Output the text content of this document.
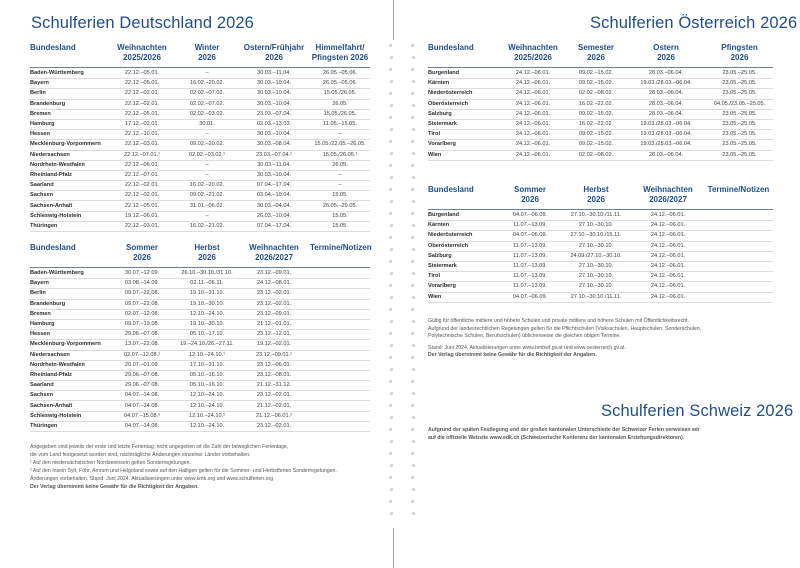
Schulferien Deutschland 2026
Bundesland	Weihnachten
2025/2026
Winter
2026
Ostern/Frühjahr
2026
Himmelfahrt/
Pfingsten 2026
Baden-Württemberg	22.12.–05.01.	–	30.03.–11.04.	26.05.–05.06.
Bayern	22.12.–05.01.	16.02.–20.02.	30.03.–10.04.	26.05.–05.06.
Berlin	22.12.–02.01.	02.02.–07.02.	30.03.–10.04.	15.05./26.05.
Brandenburg	22.12.–02.01.	02.02.–07.02.	30.03.–10.04.	26.05.
Bremen	22.12.–05.01.	02.02.–03.02.	23.03.–07.04.	15.05./26.05.
Hamburg	17.12.–02.01.	30.01.	02.03.–13.03.	11.05.–15.05.
Hessen	22.12.–10.01.	–	30.03.–10.04.	–
Mecklenburg-Vorpommern	22.12.–03.01.	09.02.–20.02.	30.03.–08.04.	15.05./22.05.–26.05.
Niedersachsen	22.12.–07.01.¹	02.02.–03.02.¹	23.03.–07.04.¹	15.05./26.05.¹
Nordrhein-Westfalen	22.12.–06.01.	–	30.03.–11.04.	26.05.
Rheinland-Pfalz	22.12.–07.01.	–	30.03.–10.04.	–
Saarland	22.12.–02.01.	16.02.–20.02.	07.04.–17.04.	–
Sachsen	22.12.–02.01.	09.02.–21.02.	03.04.–10.04.	15.05.
Sachsen-Anhalt	22.12.–05.01.	31.01.–06.02.	30.03.–04.04.	26.05.–29.05.
Schleswig-Holstein	19.12.–06.01.	–	26.03.–10.04.	15.05.
Thüringen	22.12.–03.01.	16.02.–21.02.	07.04.–17.04.	15.05.
Bundesland	Sommer
2026
Herbst
2026
Weihnachten
2026/2027
Termine/Notizen
Baden-Württemberg	30.07.–12.09.	26.10.–30.10./31.10.	23.12.–09.01.
Bayern	03.08.–14.09.	02.11.–06.11.	24.12.–08.01.
Berlin	09.07.–22.08.	19.10.–31.10.	23.12.–02.01.
Brandenburg	09.07.–22.08.	19.10.–30.10.	23.12.–02.01.
Bremen	02.07.–12.08.	12.10.–24.10.	23.12.–09.01.
Hamburg	09.07.–19.08.	19.10.–30.10.	21.12.–01.01.
Hessen	29.06.–07.08.	05.10.–17.10.	23.12.–12.01.
Mecklenburg-Vorpommern	13.07.–22.08.	19.–24.10./26.–27.11.	19.12.–02.01.
Niedersachsen	02.07.–12.08.¹	12.10.–24.10.¹	23.12.–09.01.¹
Nordrhein-Westfalen	20.07.–01.09.	17.10.–31.10.	23.12.–06.01.
Rheinland-Pfalz	29.06.–07.08.	05.10.–16.10.	23.12.–08.01.
Saarland	29.06.–07.08.	05.10.–16.10.	21.12.–31.12.
Sachsen	04.07.–14.08.	12.10.–24.10.	23.12.–02.01.
Sachsen-Anhalt	04.07.–14.08.	12.10.–24.10.	21.12.–02.01.
Schleswig-Holstein	04.07.–15.08.²	12.10.–24.10.²	21.12.–06.01.²
Thüringen	04.07.–14.08.	12.10.–24.10.	23.12.–02.01.

Angegeben sind jeweils der erste und letzte Ferientag; nicht angegeben ist die Zahl der beweglichen Ferientage,

die vom Land festgesetzt worden sind, nachträgliche Änderungen einzelner Länder vorbehalten.

¹ Auf den niedersächsischen Nordseeinseln gelten Sonderregelungen.

² Auf den Inseln Sylt, Föhr, Amrum und Helgoland sowie auf den Halligen gelten für die Sommer- und Herbstferien Sonderregelungen.

Änderungen vorbehalten. Stand: Juni 2024. Aktualisierungen unter www.kmk.org und www.schulferien.org.

Der Verlag übernimmt keine Gewähr für die Richtigkeit der Angaben.

Schulferien Österreich 2026
Bundesland	Weihnachten
2025/2026
Semester
2026
Ostern
2026
Pfingsten
2026
Burgenland	24.12.–06.01.	09.02.–15.02.	28.03.–06.04.	23.05.–25.05.
Kärnten	24.12.–06.01.	09.02.–15.02.	19.03./28.03.–06.04.	23.05.–25.05.
Niederösterreich	24.12.–06.01.	02.02.–08.02.	28.03.–06.04.	23.05.–25.05.
Oberösterreich	24.12.–06.01.	16.02.–22.02.	28.03.–06.04.	04.05./23.05.–25.05.
Salzburg	24.12.–06.01.	09.02.–15.02.	28.03.–06.04.	23.05.–25.05.
Steiermark	24.12.–06.01.	16.02.–22.02.	19.03./28.03.–06.04.	23.05.–25.05.
Tirol	24.12.–06.01.	09.02.–15.02.	19.03./28.03.–06.04.	23.05.–25.05.
Vorarlberg	24.12.–06.01.	09.02.–15.02.	19.03./28.03.–06.04.	23.05.–25.05.
Wien	24.12.–06.01.	02.02.–08.02.	28.03.–06.04.	23.05.–25.05.
Bundesland	Sommer
2026
Herbst
2026
Weihnachten
2026/2027
Termine/Notizen
Burgenland	04.07.–06.09.	27.10.–30.10./11.11.	24.12.–06.01.
Kärnten	11.07.–13.09.	27.10.–30.10.	24.12.–06.01.
Niederösterreich	04.07.–06.09.	27.10.–30.10./15.11.	24.12.–06.01.
Oberösterreich	11.07.–13.09.	27.10.–30.10.	24.12.–06.01.
Salzburg	11.07.–13.09.	24.09./27.10.–30.10.	24.12.–06.01.
Steiermark	11.07.–13.09.	27.10.–30.10.	24.12.–06.01.
Tirol	11.07.–13.09.	27.10.–30.10.	24.12.–06.01.
Vorarlberg	11.07.–13.09.	27.10.–30.10.	24.12.–06.01.
Wien	04.07.–06.09.	27.10.–30.10./11.11.	24.12.–06.01.

Gültig für öffentliche mittlere und höhere Schulen und private mittlere und höhere Schulen mit Öffentlichkeitsrecht.

Aufgrund der landesrechtlichen Regelungen gelten für die Pflichtschulen (Volksschulen, Hauptschulen, Sonderschulen,

Polytechnische Schulen, Berufsschulen) üblicherweise die gleichen obigen Termine.

Stand: Juni 2024. Aktualisierungen unter www.bmbwf.gv.at und www.oesterreich.gv.at.

Der Verlag übernimmt keine Gewähr für die Richtigkeit der Angaben.

Schulferien Schweiz 2026

Aufgrund der späten Festlegung und der großen kantonalen Unterschiede der Schweizer Ferien verweisen wir

auf die offizielle Website www.edk.ch (Schweizerische Konferenz der kantonalen Erziehungsdirektoren).
